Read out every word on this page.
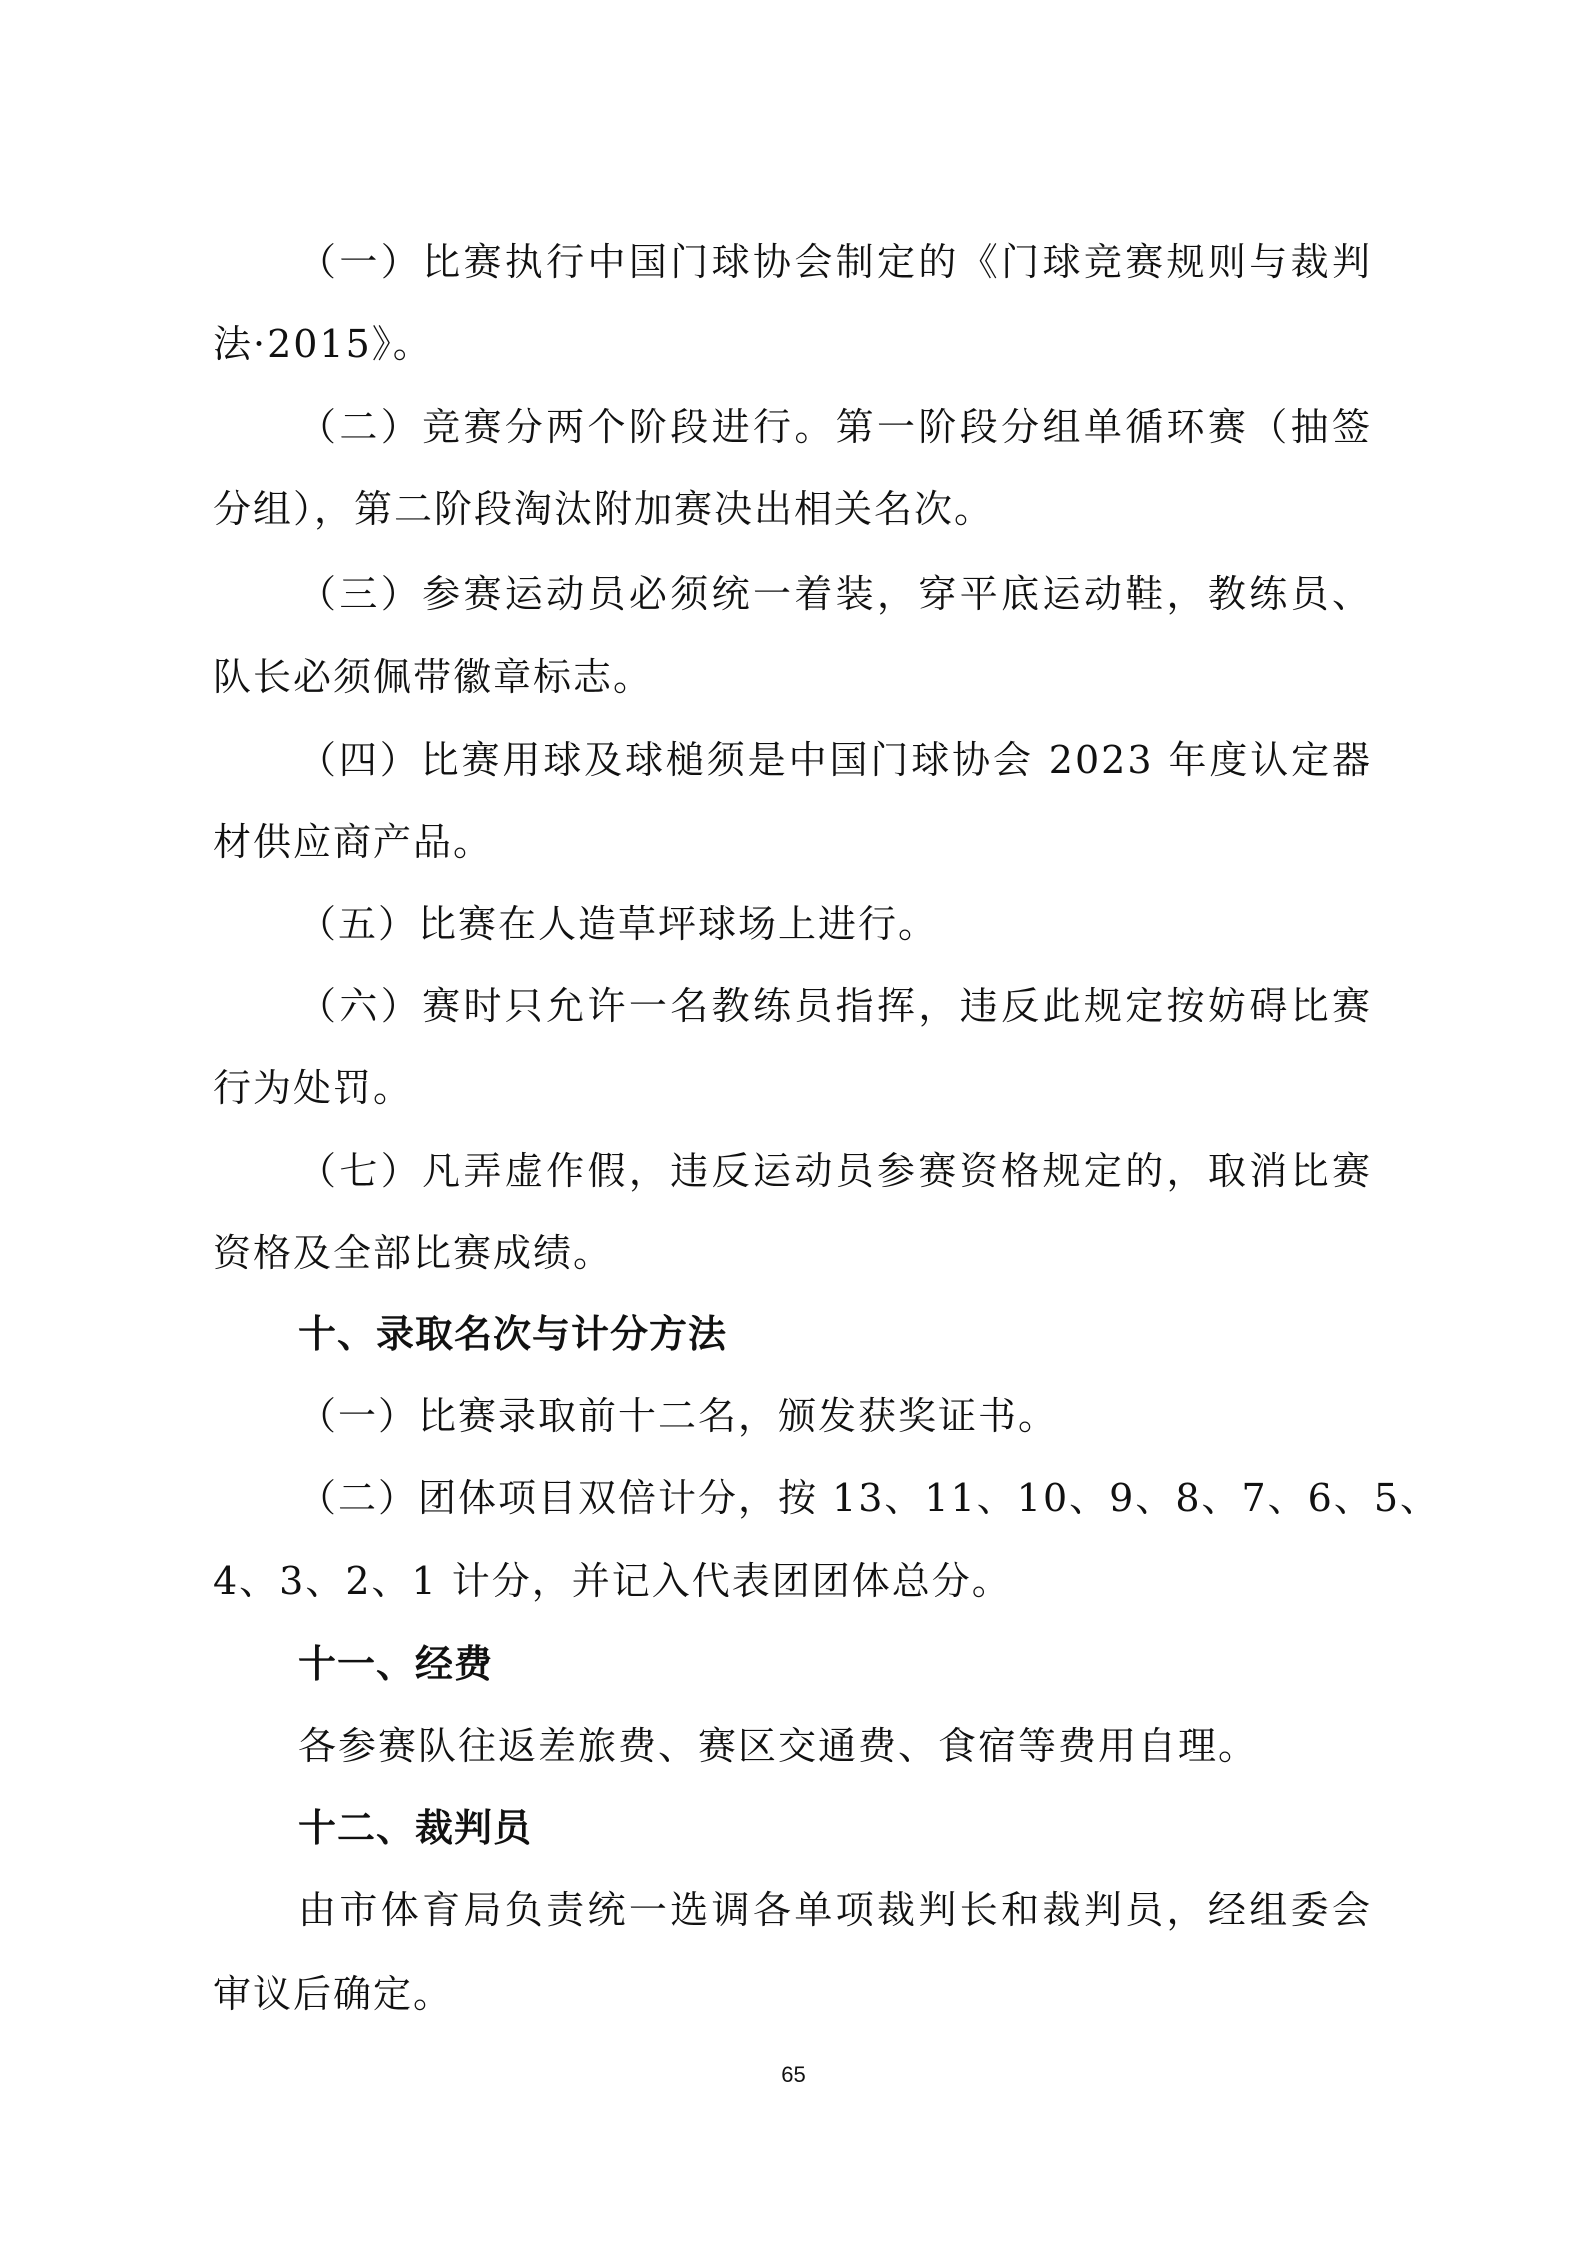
（一）比赛执行中国门球协会制定的《门球竞赛规则与裁判
法·2015》。
（二）竞赛分两个阶段进行。第一阶段分组单循环赛（抽签
分组），第二阶段淘汰附加赛决出相关名次。
（三）参赛运动员必须统一着装，穿平底运动鞋，教练员、
队长必须佩带徽章标志。
（四）比赛用球及球槌须是中国门球协会 2023 年度认定器
材供应商产品。
（五）比赛在人造草坪球场上进行。
（六）赛时只允许一名教练员指挥，违反此规定按妨碍比赛
行为处罚。
（七）凡弄虚作假，违反运动员参赛资格规定的，取消比赛
资格及全部比赛成绩。
十、录取名次与计分方法
（一）比赛录取前十二名，颁发获奖证书。
（二）团体项目双倍计分，按 13、11、10、9、8、7、6、5、
4、3、2、1 计分，并记入代表团团体总分。
十一、经费
各参赛队往返差旅费、赛区交通费、食宿等费用自理。
十二、裁判员
由市体育局负责统一选调各单项裁判长和裁判员，经组委会
审议后确定。
65
